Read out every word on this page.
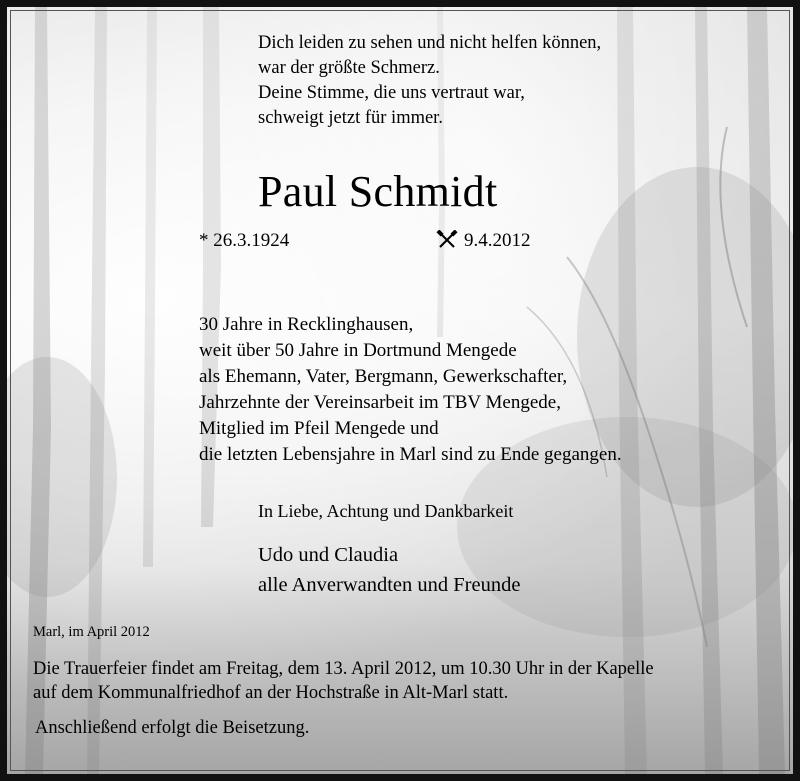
Dich leiden zu sehen und nicht helfen können,
war der größte Schmerz.
Deine Stimme, die uns vertraut war,
schweigt jetzt für immer.
Paul Schmidt
* 26.3.1924	9.4.2012
30 Jahre in Recklinghausen,
weit über 50 Jahre in Dortmund Mengede
als Ehemann, Vater, Bergmann, Gewerkschafter,
Jahrzehnte der Vereinsarbeit im TBV Mengede,
Mitglied im Pfeil Mengede und
die letzten Lebensjahre in Marl sind zu Ende gegangen.
In Liebe, Achtung und Dankbarkeit
Udo und Claudia
alle Anverwandten und Freunde
Marl, im April 2012
Die Trauerfeier findet am Freitag, dem 13. April 2012, um 10.30 Uhr in der Kapelle
auf dem Kommunalfriedhof an der Hochstraße in Alt-Marl statt.
Anschließend erfolgt die Beisetzung.
